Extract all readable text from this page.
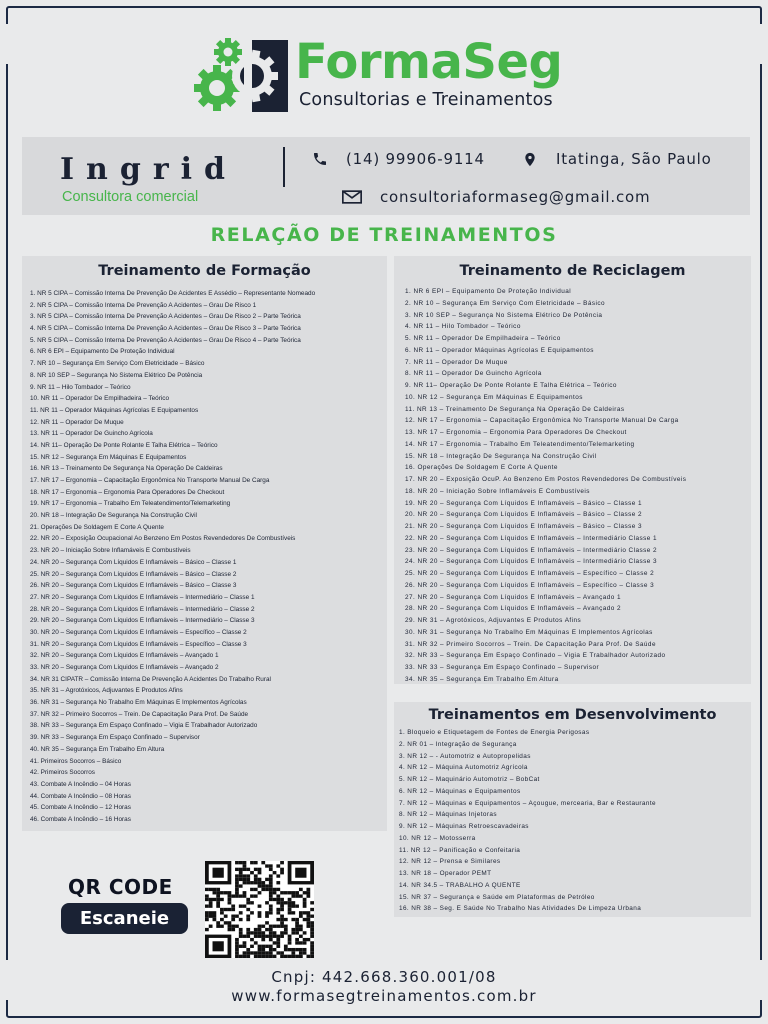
FormaSeg
Consultorias e Treinamentos
Ingrid
Consultora comercial
(14) 99906-9114	Itatinga, São Paulo
consultoriaformaseg@gmail.com
RELAÇÃO DE TREINAMENTOS
Treinamento de Formação
1. NR 5 CIPA – Comissão Interna De Prevenção De Acidentes E Assédio – Representante Nomeado
2. NR 5 CIPA – Comissão Interna De Prevenção A Acidentes – Grau De Risco 1
3. NR 5 CIPA – Comissão Interna De Prevenção A Acidentes – Grau De Risco 2 – Parte Teórica
4. NR 5 CIPA – Comissão Interna De Prevenção A Acidentes – Grau De Risco 3 – Parte Teórica
5. NR 5 CIPA – Comissão Interna De Prevenção A Acidentes – Grau De Risco 4 – Parte Teórica
6. NR 6 EPI – Equipamento De Proteção Individual
7. NR 10 – Segurança Em Serviço Com Eletricidade – Básico
8. NR 10 SEP – Segurança No Sistema Elétrico De Potência
9. NR 11 – Hilo Tombador – Teórico
10. NR 11 – Operador De Empilhadeira – Teórico
11. NR 11 – Operador Máquinas Agrícolas E Equipamentos
12. NR 11 – Operador De Muque
13. NR 11 – Operador De Guincho Agrícola
14. NR 11– Operação De Ponte Rolante E Talha Elétrica – Teórico
15. NR 12 – Segurança Em Máquinas E Equipamentos
16. NR 13 – Treinamento De Segurança Na Operação De Caldeiras
17. NR 17 – Ergonomia – Capacitação Ergonômica No Transporte Manual De Carga
18. NR 17 – Ergonomia – Ergonomia Para Operadores De Checkout
19. NR 17 – Ergonomia – Trabalho Em Teleatendimento/Telemarketing
20. NR 18 – Integração De Segurança Na Construção Civil
21. Operações De Soldagem E Corte A Quente
22. NR 20 – Exposição Ocupacional Ao Benzeno Em Postos Revendedores De Combustíveis
23. NR 20 – Iniciação Sobre Inflamáveis E Combustíveis
24. NR 20 – Segurança Com Líquidos E Inflamáveis – Básico – Classe 1
25. NR 20 – Segurança Com Líquidos E Inflamáveis – Básico – Classe 2
26. NR 20 – Segurança Com Líquidos E Inflamáveis – Básico – Classe 3
27. NR 20 – Segurança Com Líquidos E Inflamáveis – Intermediário – Classe 1
28. NR 20 – Segurança Com Líquidos E Inflamáveis – Intermediário – Classe 2
29. NR 20 – Segurança Com Líquidos E Inflamáveis – Intermediário – Classe 3
30. NR 20 – Segurança Com Líquidos E Inflamáveis – Específico – Classe 2
31. NR 20 – Segurança Com Líquidos E Inflamáveis – Específico – Classe 3
32. NR 20 – Segurança Com Líquidos E Inflamáveis – Avançado 1
33. NR 20 – Segurança Com Líquidos E Inflamáveis – Avançado 2
34. NR 31 CIPATR – Comissão Interna De Prevenção A Acidentes Do Trabalho Rural
35. NR 31 – Agrotóxicos, Adjuvantes E Produtos Afins
36. NR 31 – Segurança No Trabalho Em Máquinas E Implementos Agrícolas
37. NR 32 – Primeiro Socorros – Trein. De Capacitação Para Prof. De Saúde
38. NR 33 – Segurança Em Espaço Confinado – Vigia E Trabalhador Autorizado
39. NR 33 – Segurança Em Espaço Confinado – Supervisor
40. NR 35 – Segurança Em Trabalho Em Altura
41. Primeiros Socorros – Básico
42. Primeiros Socorros
43. Combate A Incêndio – 04 Horas
44. Combate A Incêndio – 08 Horas
45. Combate A Incêndio – 12 Horas
46. Combate A Incêndio – 16 Horas
Treinamento de Reciclagem
1. NR 6 EPI – Equipamento De Proteção Individual
2. NR 10 – Segurança Em Serviço Com Eletricidade – Básico
3. NR 10 SEP – Segurança No Sistema Elétrico De Potência
4. NR 11 – Hilo Tombador – Teórico
5. NR 11 – Operador De Empilhadeira – Teórico
6. NR 11 – Operador Máquinas Agrícolas E Equipamentos
7. NR 11 – Operador De Muque
8. NR 11 – Operador De Guincho Agrícola
9. NR 11– Operação De Ponte Rolante E Talha Elétrica – Teórico
10. NR 12 – Segurança Em Máquinas E Equipamentos
11. NR 13 – Treinamento De Segurança Na Operação De Caldeiras
12. NR 17 – Ergonomia – Capacitação Ergonômica No Transporte Manual De Carga
13. NR 17 – Ergonomia – Ergonomia Para Operadores De Checkout
14. NR 17 – Ergonomia – Trabalho Em Teleatendimento/Telemarketing
15. NR 18 – Integração De Segurança Na Construção Civil
16. Operações De Soldagem E Corte A Quente
17. NR 20 – Exposição OcuP. Ao Benzeno Em Postos Revendedores De Combustíveis
18. NR 20 – Iniciação Sobre Inflamáveis E Combustíveis
19. NR 20 – Segurança Com Líquidos E Inflamáveis – Básico – Classe 1
20. NR 20 – Segurança Com Líquidos E Inflamáveis – Básico – Classe 2
21. NR 20 – Segurança Com Líquidos E Inflamáveis – Básico – Classe 3
22. NR 20 – Segurança Com Líquidos E Inflamáveis – Intermediário Classe 1
23. NR 20 – Segurança Com Líquidos E Inflamáveis – Intermediário Classe 2
24. NR 20 – Segurança Com Líquidos E Inflamáveis – Intermediário Classe 3
25. NR 20 – Segurança Com Líquidos E Inflamáveis – Específico – Classe 2
26. NR 20 – Segurança Com Líquidos E Inflamáveis – Específico – Classe 3
27. NR 20 – Segurança Com Líquidos E Inflamáveis – Avançado 1
28. NR 20 – Segurança Com Líquidos E Inflamáveis – Avançado 2
29. NR 31 – Agrotóxicos, Adjuvantes E Produtos Afins
30. NR 31 – Segurança No Trabalho Em Máquinas E Implementos Agrícolas
31. NR 32 – Primeiro Socorros – Trein. De Capacitação Para Prof. De Saúde
32. NR 33 – Segurança Em Espaço Confinado – Vigia E Trabalhador Autorizado
33. NR 33 – Segurança Em Espaço Confinado – Supervisor
34. NR 35 – Segurança Em Trabalho Em Altura
Treinamentos em Desenvolvimento
1. Bloqueio e Etiquetagem de Fontes de Energia Perigosas
2. NR 01 – Integração de Segurança
3. NR 12 – - Automotriz e Autopropelidas
4. NR 12 – Máquina Automotriz Agrícola
5. NR 12 – Maquinário Automotriz – BobCat
6. NR 12 – Máquinas e Equipamentos
7. NR 12 – Máquinas e Equipamentos – Açougue, mercearia, Bar e Restaurante
8. NR 12 – Máquinas Injetoras
9. NR 12 – Máquinas Retroescavadeiras
10. NR 12 – Motosserra
11. NR 12 – Panificação e Confeitaria
12. NR 12 – Prensa e Similares
13. NR 18 – Operador PEMT
14. NR 34.5 – TRABALHO A QUENTE
15. NR 37 – Segurança e Saúde em Plataformas de Petróleo
16. NR 38 – Seg. E Saúde No Trabalho Nas Atividades De Limpeza Urbana
QR CODE
Escaneie
Cnpj: 442.668.360.001/08
www.formasegtreinamentos.com.br
